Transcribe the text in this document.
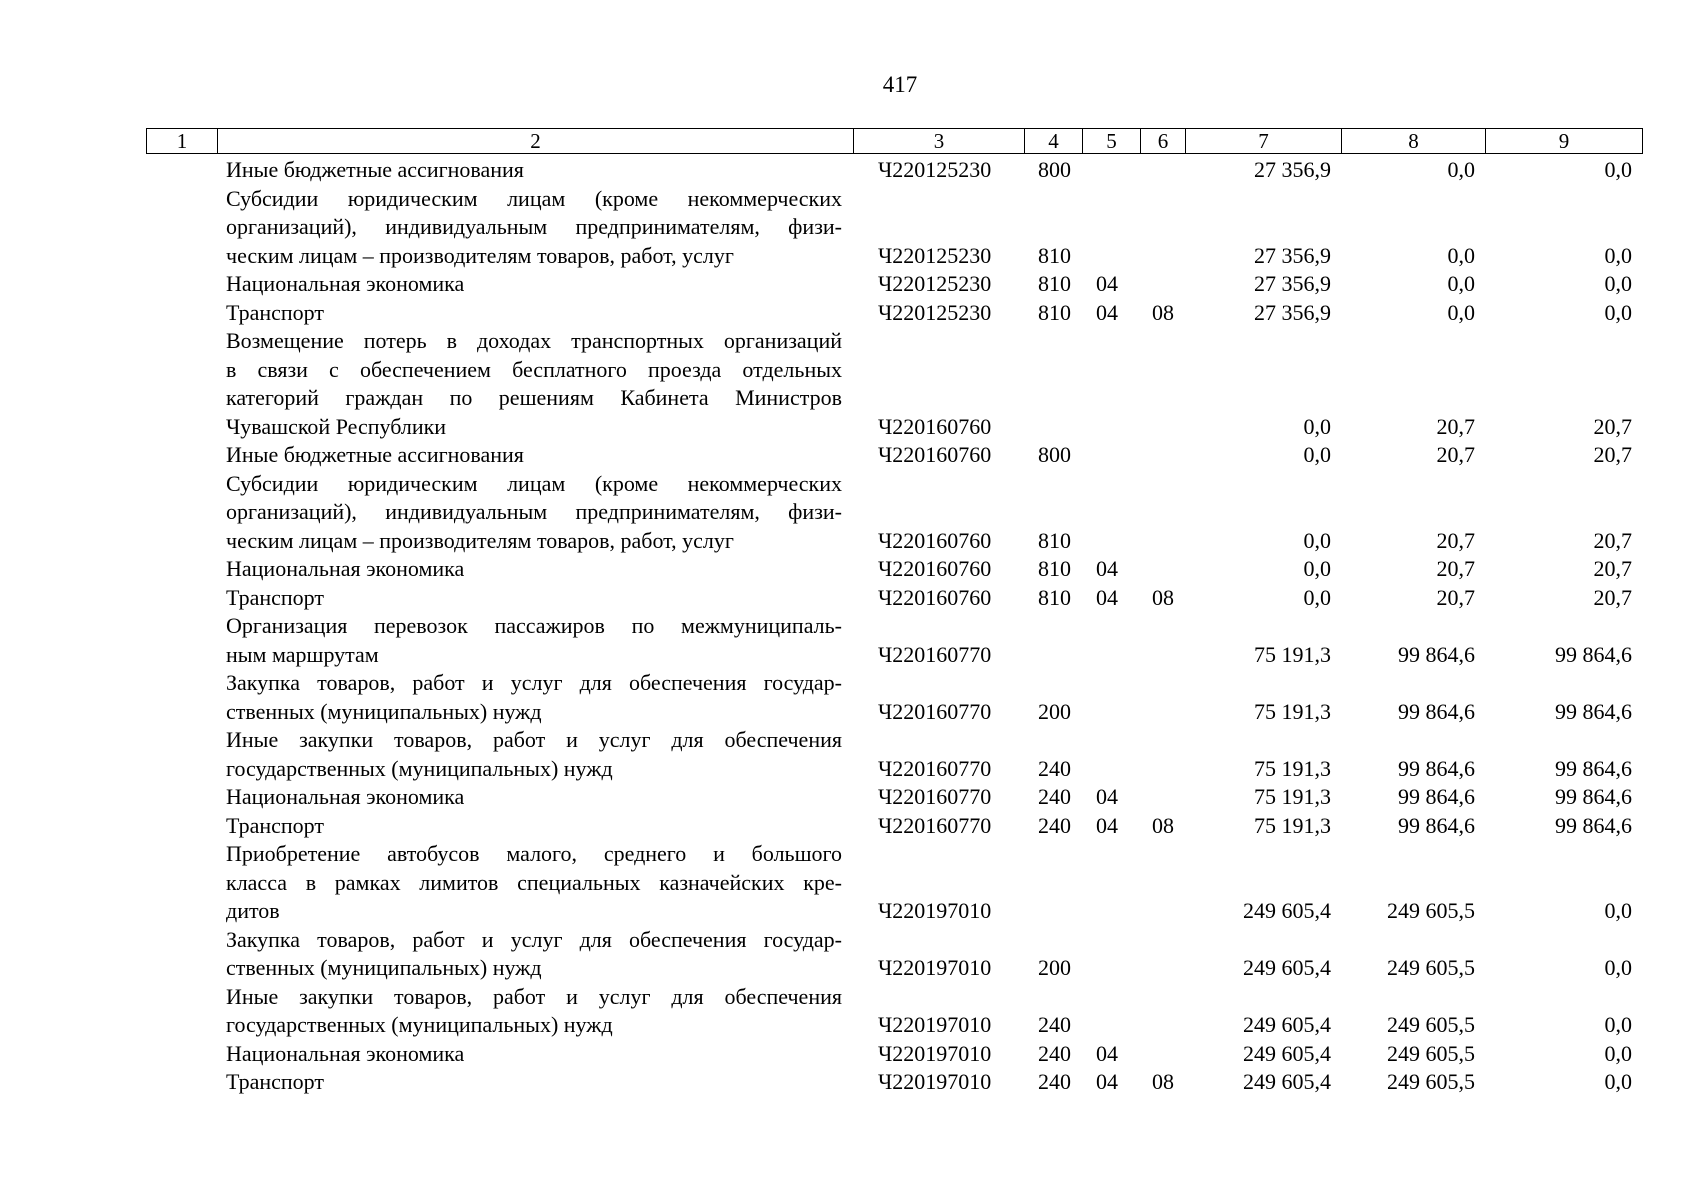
417
1	2	3	4	5	6	7	8	9

	Иные бюджетные ассигнования	Ч220125230	800			27 356,9	0,0	0,0

	Субсидии юридическим лицам (кроме некоммерческих
организаций), индивидуальным предпринимателям, физи-
ческим лицам – производителям товаров, работ, услуг	Ч220125230	810			27 356,9	0,0	0,0

	Национальная экономика	Ч220125230	810	04		27 356,9	0,0	0,0

	Транспорт	Ч220125230	810	04	08	27 356,9	0,0	0,0

	Возмещение потерь в доходах транспортных организаций
в связи с обеспечением бесплатного проезда отдельных
категорий граждан по решениям Кабинета Министров
Чувашской Республики	Ч220160760				0,0	20,7	20,7

	Иные бюджетные ассигнования	Ч220160760	800			0,0	20,7	20,7

	Субсидии юридическим лицам (кроме некоммерческих
организаций), индивидуальным предпринимателям, физи-
ческим лицам – производителям товаров, работ, услуг	Ч220160760	810			0,0	20,7	20,7

	Национальная экономика	Ч220160760	810	04		0,0	20,7	20,7

	Транспорт	Ч220160760	810	04	08	0,0	20,7	20,7

	Организация перевозок пассажиров по межмуниципаль-
ным маршрутам	Ч220160770				75 191,3	99 864,6	99 864,6

	Закупка товаров, работ и услуг для обеспечения государ-
ственных (муниципальных) нужд	Ч220160770	200			75 191,3	99 864,6	99 864,6

	Иные закупки товаров, работ и услуг для обеспечения
государственных (муниципальных) нужд	Ч220160770	240			75 191,3	99 864,6	99 864,6

	Национальная экономика	Ч220160770	240	04		75 191,3	99 864,6	99 864,6

	Транспорт	Ч220160770	240	04	08	75 191,3	99 864,6	99 864,6

	Приобретение автобусов малого, среднего и большого
класса в рамках лимитов специальных казначейских кре-
дитов	Ч220197010				249 605,4	249 605,5	0,0

	Закупка товаров, работ и услуг для обеспечения государ-
ственных (муниципальных) нужд	Ч220197010	200			249 605,4	249 605,5	0,0

	Иные закупки товаров, работ и услуг для обеспечения
государственных (муниципальных) нужд	Ч220197010	240			249 605,4	249 605,5	0,0

	Национальная экономика	Ч220197010	240	04		249 605,4	249 605,5	0,0

	Транспорт	Ч220197010	240	04	08	249 605,4	249 605,5	0,0
